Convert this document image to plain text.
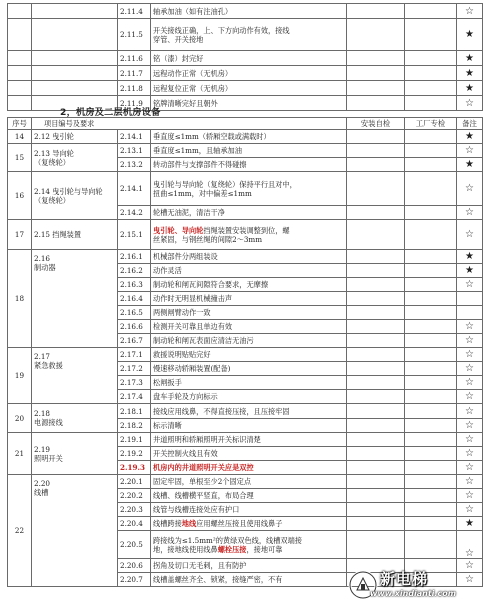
		2.11.4	轴承加油（如有注油孔）			☆
		2.11.5	开关接线正确，上、下方向动作有效，接线
穿管、开关接地			★
		2.11.6	铭（漆）封完好			★
		2.11.7	远程动作正常（无机房）			★
		2.11.8	远程复位正常（无机房）			★
		2.11.9	铭牌清晰完好且朝外			☆
2，机房及二层机房设备
序号	项目编号及要求			安装自检	工厂专检	备注
14	2.12 曳引轮	2.14.1	垂直度≤1mm（轿厢空载或满载时）			★
15	2.13 导向轮
（复绕轮）	2.13.1	垂直度≤1mm，且轴承加油			☆
		2.13.2	转动部件与支撑部件不得碰擦			★
16	2.14 曳引轮与导向轮（复绕轮）	2.14.1	曳引轮与导向轮（复绕轮）保持平行且对中，
扭曲≤1mm，对中偏差≤1mm			☆
		2.14.2	轮槽无油泥，清洁干净			☆
17	2.15 挡绳装置	2.15.1	曳引轮、导向轮挡绳装置安装调整到位，螺
丝紧固，与钢丝绳的间隙2～3mm			☆
18	2.16
制动器	2.16.1	机械部件分两组装设			★
		2.16.2	动作灵活			★
		2.16.3	制动轮和闸瓦间隙符合要求，无摩擦			☆
		2.16.4	动作时无明显机械撞击声			
		2.16.5	两侧闸臂动作一致			
		2.16.6	检测开关可靠且单边有效			☆
		2.16.7	制动轮和闸瓦表面应清洁无油污			☆
19	2.17
紧急救援	2.17.1	救援说明贴贴完好			☆
		2.17.2	慢速移动轿厢装置(配备)			☆
		2.17.3	松闸扳手			☆
		2.17.4	盘车手轮及方向标示			☆
20	2.18
电源接线	2.18.1	接线应用线鼻，不得直接压接，且压接牢固			☆
		2.18.2	标示清晰			☆
21	2.19
照明开关	2.19.1	井道照明和轿厢照明开关标识清楚			☆
		2.19.2	开关控制火线且有效			☆
		2.19.3	机房内的井道照明开关应是双控			☆
22	2.20
线槽	2.20.1	固定牢固，单根至少2个固定点			☆
		2.20.2	线槽、线槽横平竖直，布局合理			☆
		2.20.3	线管与线槽连接处应有护口			☆
		2.20.4	线槽跨接地线应用螺丝压接且使用线鼻子			★
		2.20.5	跨接线为≤1.5mm²的黄绿双色线，线槽双端接
地，接地线使用线鼻螺栓压接，接地可靠			☆
		2.20.6	拐角及切口无毛刺，且有防护			☆
		2.20.7	线槽盖螺丝齐全、锁紧，接缝严密，不有			☆
新电梯
www.xindianti.com
